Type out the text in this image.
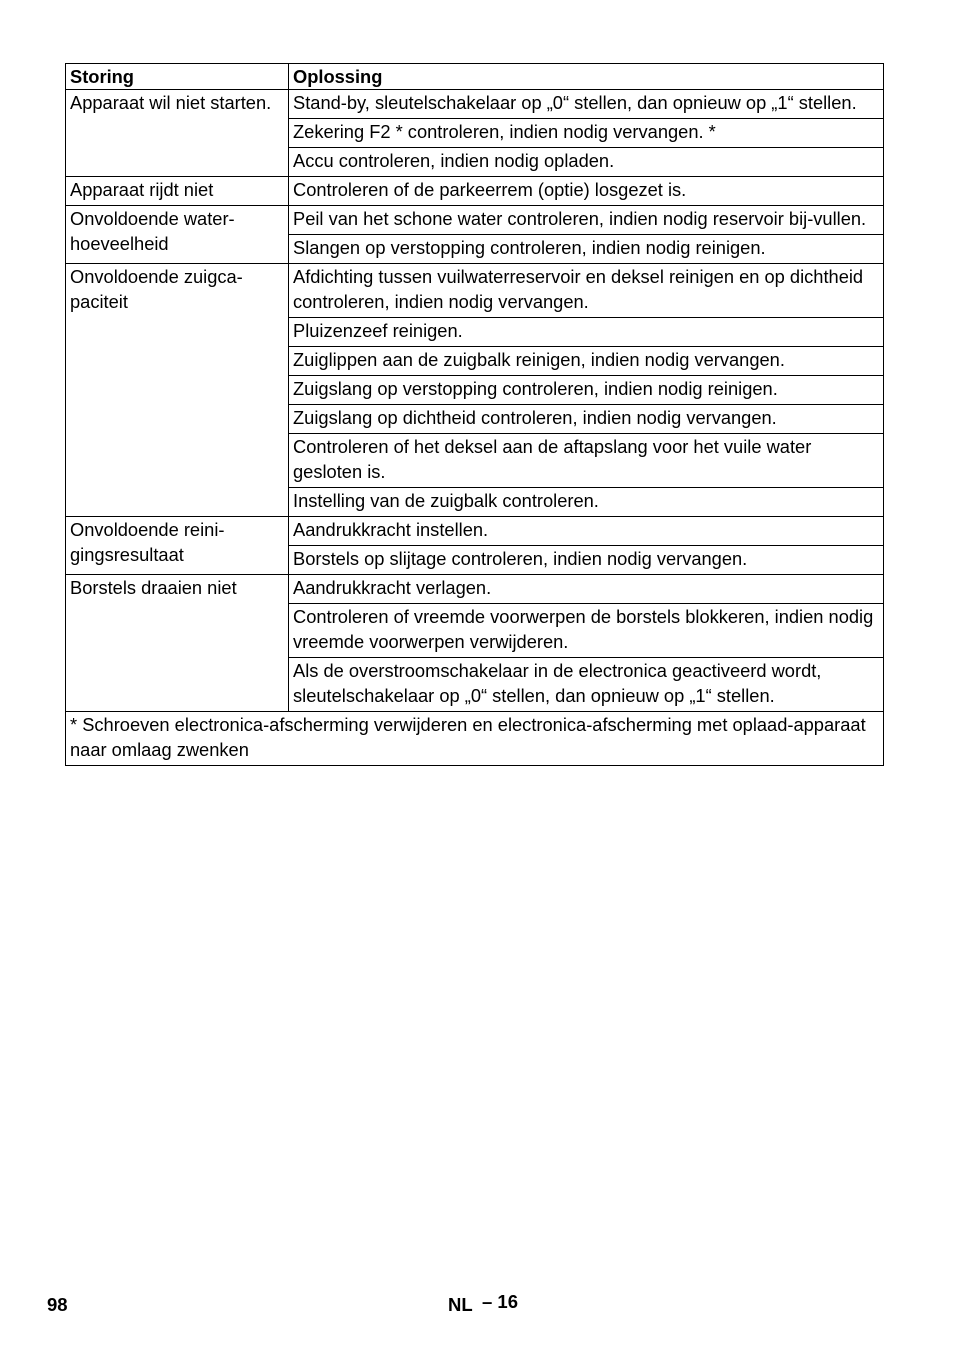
Storing	Oplossing
Apparaat wil niet starten.	Stand-by, sleutelschakelaar op „0“ stellen, dan opnieuw op „1“ stellen.
	Zekering F2 * controleren, indien nodig vervangen. *
	Accu controleren, indien nodig opladen.
Apparaat rijdt niet	Controleren of de parkeerrem (optie) losgezet is.
Onvoldoende water-hoeveelheid	Peil van het schone water controleren, indien nodig reservoir bij-vullen.
	Slangen op verstopping controleren, indien nodig reinigen.
Onvoldoende zuigca-paciteit	Afdichting tussen vuilwaterreservoir en deksel reinigen en op dichtheid controleren, indien nodig vervangen.
	Pluizenzeef reinigen.
	Zuiglippen aan de zuigbalk reinigen, indien nodig vervangen.
	Zuigslang op verstopping controleren, indien nodig reinigen.
	Zuigslang op dichtheid controleren, indien nodig vervangen.
	Controleren of het deksel aan de aftapslang voor het vuile water gesloten is.
	Instelling van de zuigbalk controleren.
Onvoldoende reini-gingsresultaat	Aandrukkracht instellen.
	Borstels op slijtage controleren, indien nodig vervangen.
Borstels draaien niet	Aandrukkracht verlagen.
	Controleren of vreemde voorwerpen de borstels blokkeren, indien nodig vreemde voorwerpen verwijderen.
	Als de overstroomschakelaar in de electronica geactiveerd wordt, sleutelschakelaar op „0“ stellen, dan opnieuw op „1“ stellen.
* Schroeven electronica-afscherming verwijderen en electronica-afscherming met oplaad-apparaat naar omlaag zwenken	
98	NL – 16
